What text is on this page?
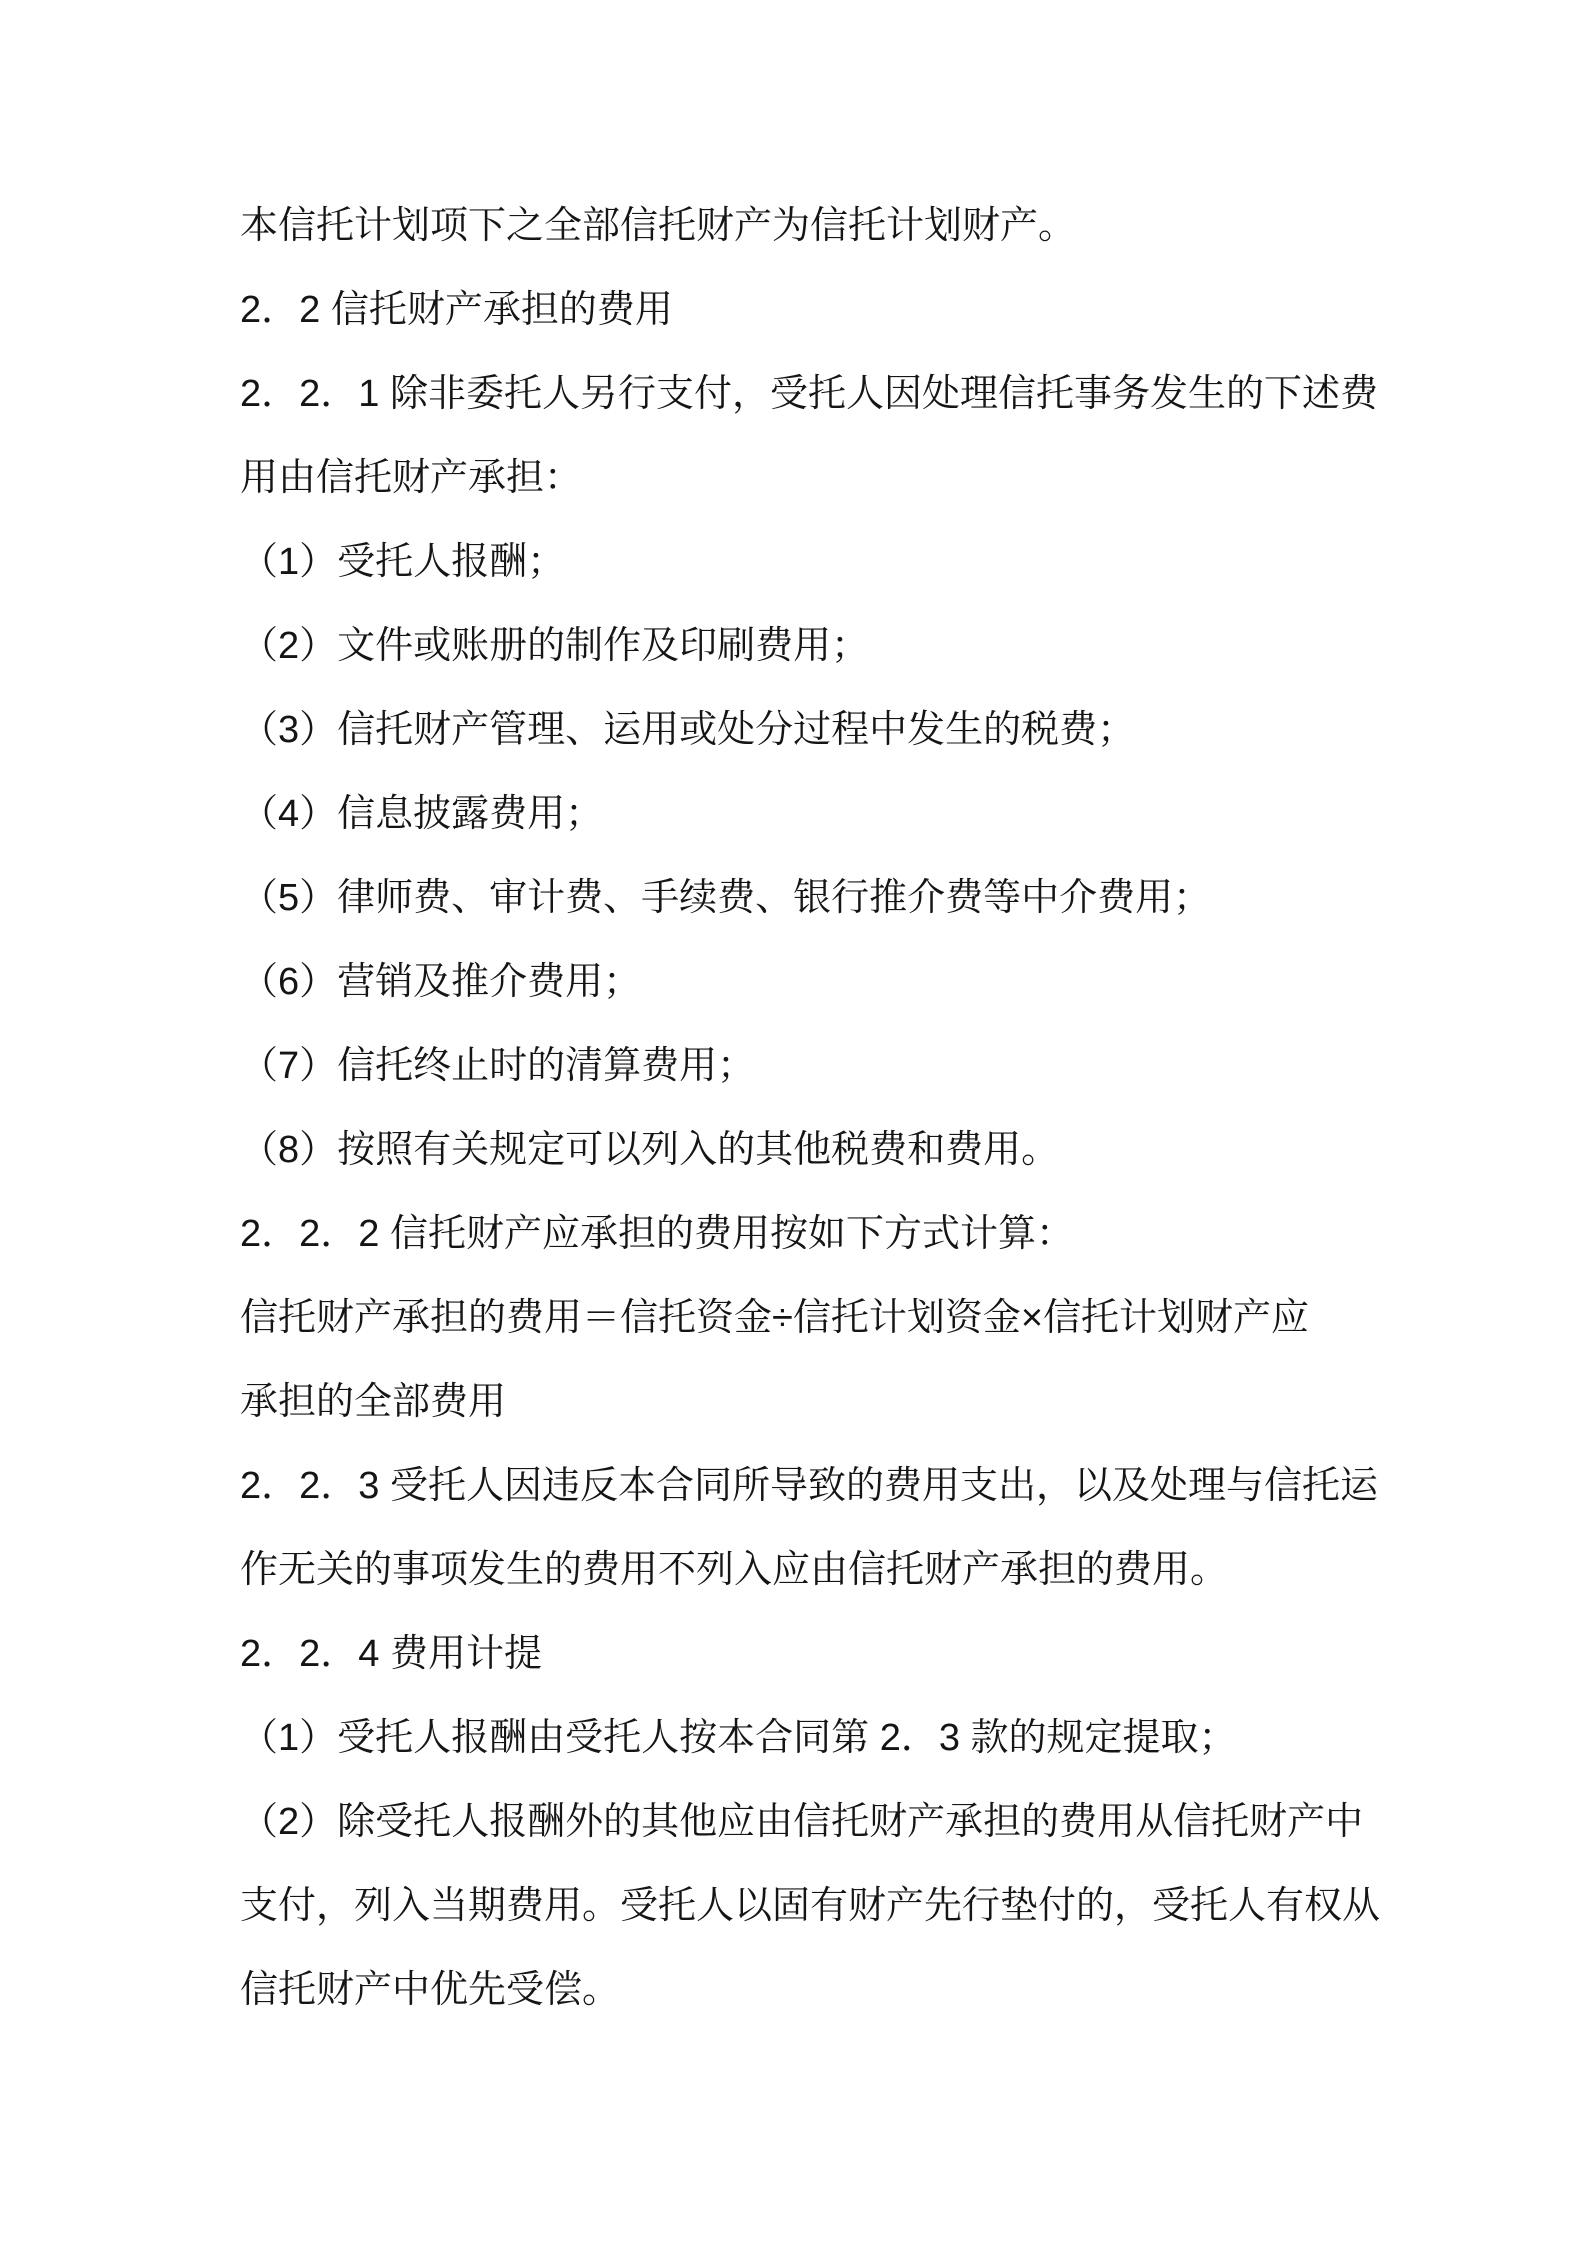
本信托计划项下之全部信托财产为信托计划财产。
2．2 信托财产承担的费用
2．2．1 除非委托人另行支付，受托人因处理信托事务发生的下述费
用由信托财产承担：
（1）受托人报酬；
（2）文件或账册的制作及印刷费用；
（3）信托财产管理、运用或处分过程中发生的税费；
（4）信息披露费用；
（5）律师费、审计费、手续费、银行推介费等中介费用；
（6）营销及推介费用；
（7）信托终止时的清算费用；
（8）按照有关规定可以列入的其他税费和费用。
2．2．2 信托财产应承担的费用按如下方式计算：
信托财产承担的费用＝信托资金÷信托计划资金×信托计划财产应
承担的全部费用
2．2．3 受托人因违反本合同所导致的费用支出，以及处理与信托运
作无关的事项发生的费用不列入应由信托财产承担的费用。
2．2．4 费用计提
（1）受托人报酬由受托人按本合同第 2．3 款的规定提取；
（2）除受托人报酬外的其他应由信托财产承担的费用从信托财产中
支付，列入当期费用。受托人以固有财产先行垫付的，受托人有权从
信托财产中优先受偿。
